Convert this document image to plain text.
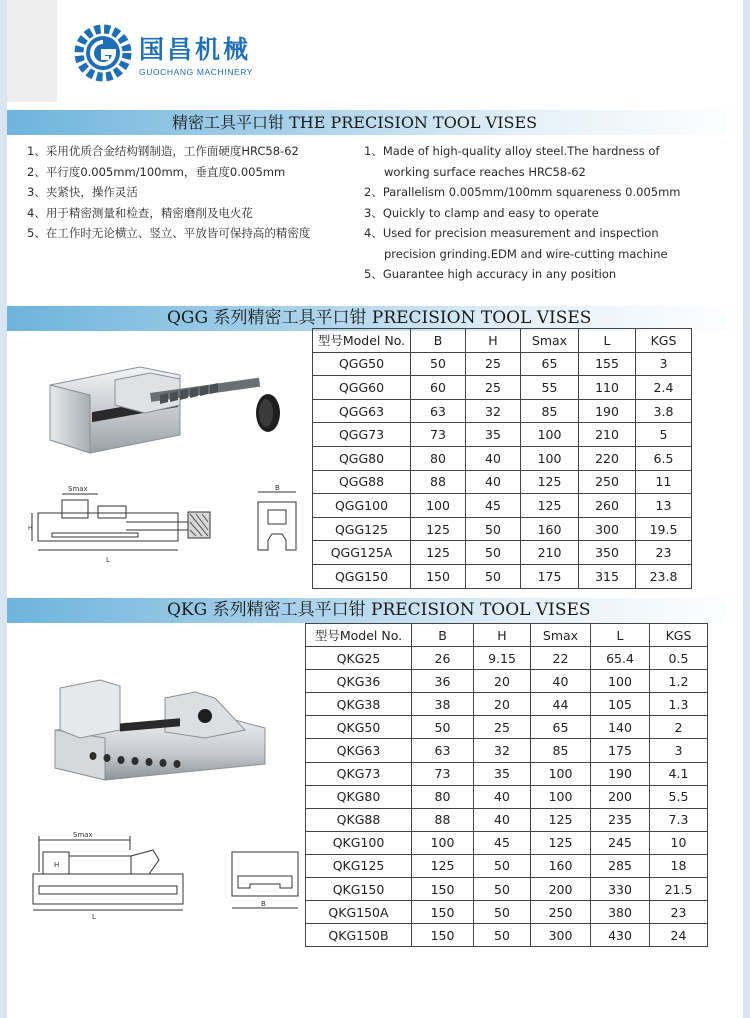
国昌机械
GUOCHANG MACHINERY
精密工具平口钳 THE PRECISION TOOL VISES
1、采用优质合金结构钢制造，工作面硬度HRC58-62
2、平行度0.005mm/100mm，垂直度0.005mm
3、夹紧快，操作灵活
4、用于精密测量和检查，精密磨削及电火花
5、在工作时无论横立、竖立、平放皆可保持高的精密度
1、Made of high-quality alloy steel.The hardness of
working surface reaches HRC58-62
2、Parallelism 0.005mm/100mm squareness 0.005mm
3、Quickly to clamp and easy to operate
4、Used for precision measurement and inspection
precision grinding.EDM and wire-cutting machine
5、Guarantee high accuracy in any position
QGG 系列精密工具平口钳 PRECISION TOOL VISES
Smax
L
H
B
型号Model No.	B	H	Smax	L	KGS
QGG50	50	25	65	155	3
QGG60	60	25	55	110	2.4
QGG63	63	32	85	190	3.8
QGG73	73	35	100	210	5
QGG80	80	40	100	220	6.5
QGG88	88	40	125	250	11
QGG100	100	45	125	260	13
QGG125	125	50	160	300	19.5
QGG125A	125	50	210	350	23
QGG150	150	50	175	315	23.8
QKG 系列精密工具平口钳 PRECISION TOOL VISES
Smax
L
H
B
型号Model No.	B	H	Smax	L	KGS
QKG25	26	9.15	22	65.4	0.5
QKG36	36	20	40	100	1.2
QKG38	38	20	44	105	1.3
QKG50	50	25	65	140	2
QKG63	63	32	85	175	3
QKG73	73	35	100	190	4.1
QKG80	80	40	100	200	5.5
QKG88	88	40	125	235	7.3
QKG100	100	45	125	245	10
QKG125	125	50	160	285	18
QKG150	150	50	200	330	21.5
QKG150A	150	50	250	380	23
QKG150B	150	50	300	430	24
